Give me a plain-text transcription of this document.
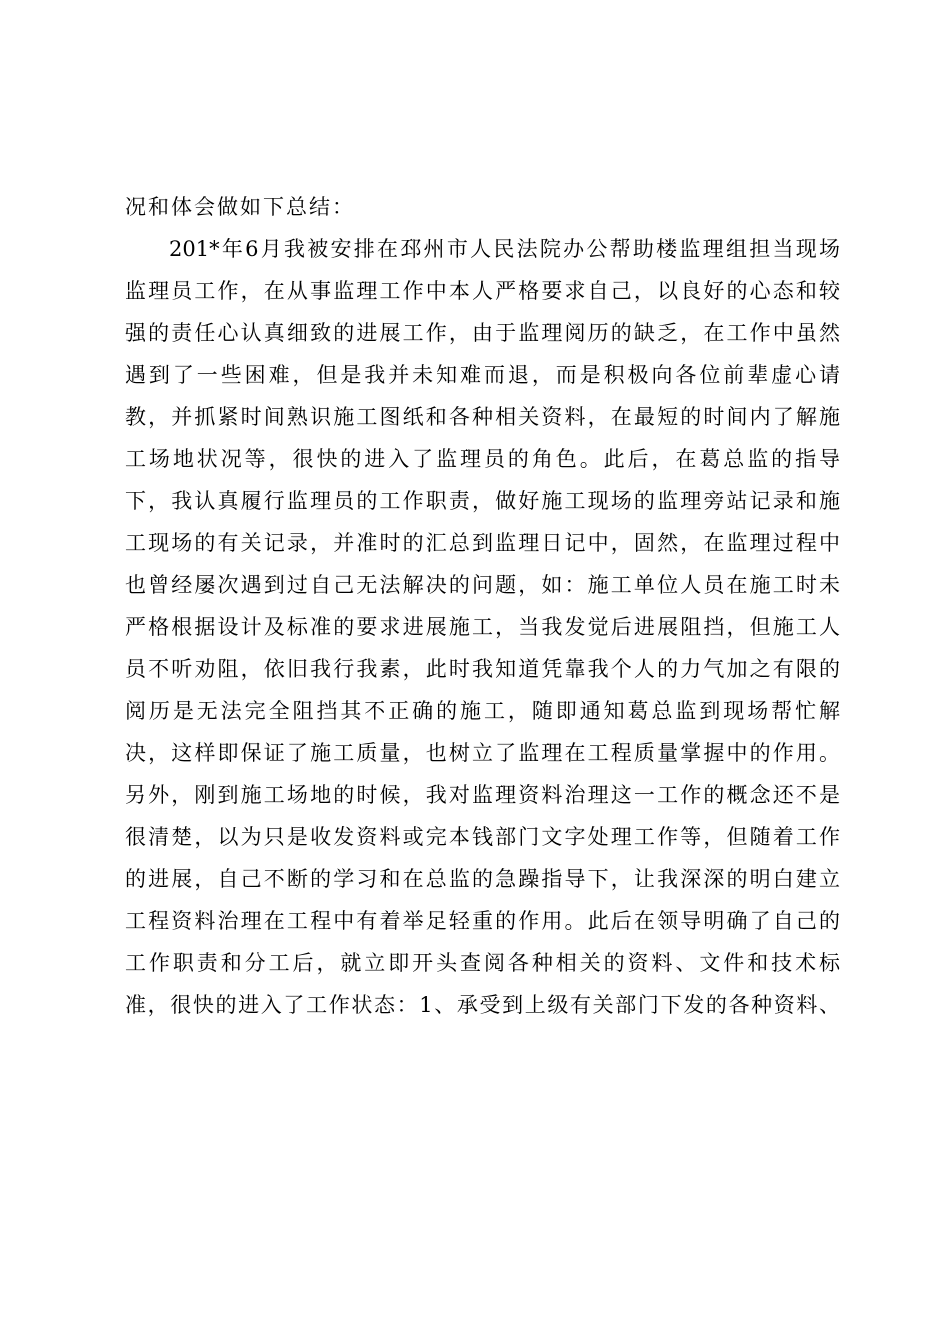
况和体会做如下总结：
201*年6月我被安排在邳州市人民法院办公帮助楼监理组担当现场
监理员工作，在从事监理工作中本人严格要求自己，以良好的心态和较
强的责任心认真细致的进展工作，由于监理阅历的缺乏，在工作中虽然
遇到了一些困难，但是我并未知难而退，而是积极向各位前辈虚心请
教，并抓紧时间熟识施工图纸和各种相关资料，在最短的时间内了解施
工场地状况等，很快的进入了监理员的角色。此后，在葛总监的指导
下，我认真履行监理员的工作职责，做好施工现场的监理旁站记录和施
工现场的有关记录，并准时的汇总到监理日记中，固然，在监理过程中
也曾经屡次遇到过自己无法解决的问题，如：施工单位人员在施工时未
严格根据设计及标准的要求进展施工，当我发觉后进展阻挡，但施工人
员不听劝阻，依旧我行我素，此时我知道凭靠我个人的力气加之有限的
阅历是无法完全阻挡其不正确的施工，随即通知葛总监到现场帮忙解
决，这样即保证了施工质量，也树立了监理在工程质量掌握中的作用。
另外，刚到施工场地的时候，我对监理资料治理这一工作的概念还不是
很清楚，以为只是收发资料或完本钱部门文字处理工作等，但随着工作
的进展，自己不断的学习和在总监的急躁指导下，让我深深的明白建立
工程资料治理在工程中有着举足轻重的作用。此后在领导明确了自己的
工作职责和分工后，就立即开头查阅各种相关的资料、文件和技术标
准，很快的进入了工作状态：1、承受到上级有关部门下发的各种资料、
